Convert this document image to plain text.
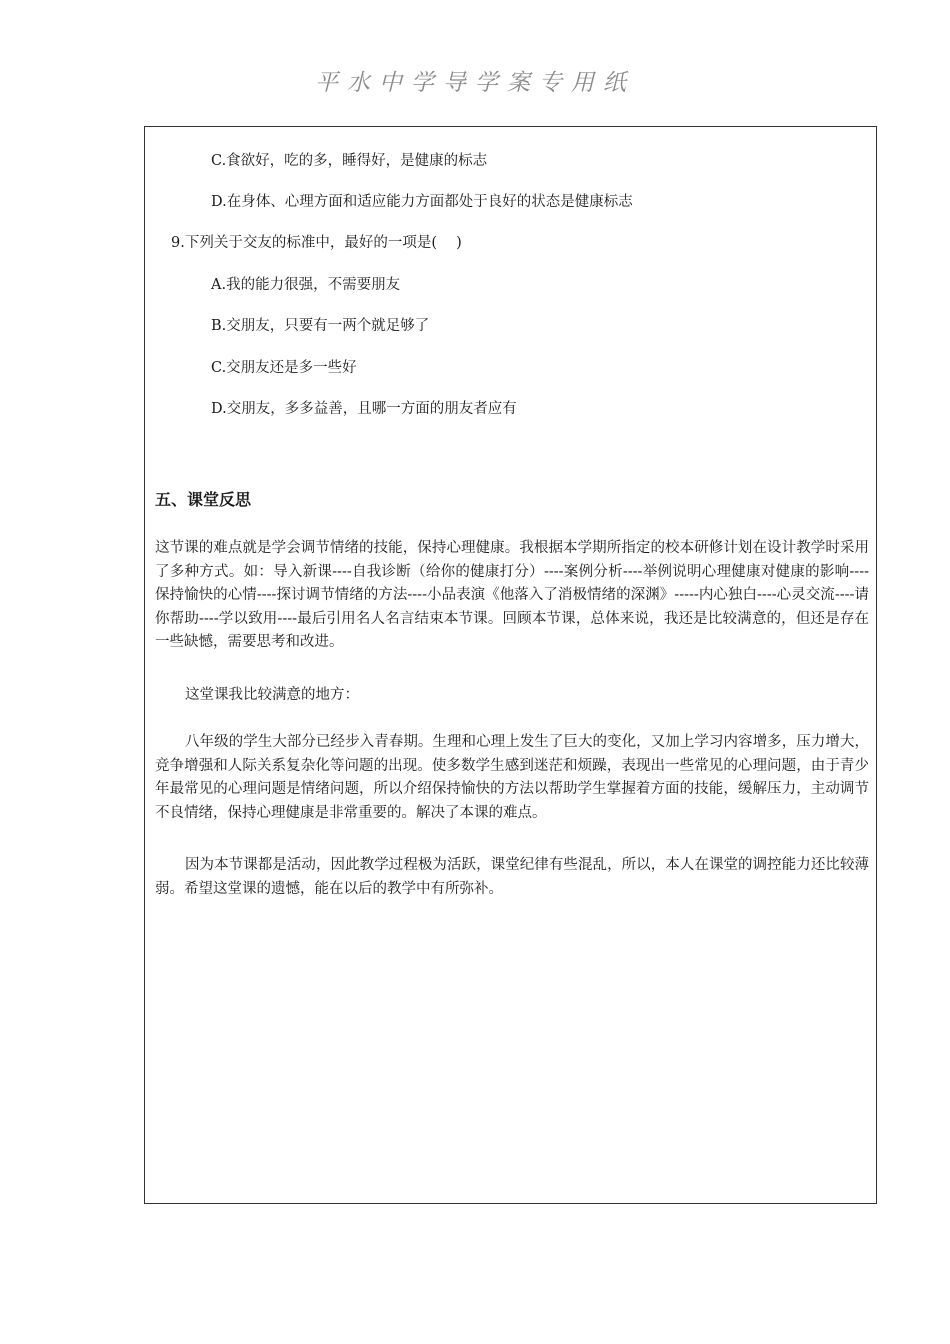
平水中学导学案专用纸
C.食欲好，吃的多，睡得好，是健康的标志
D.在身体、心理方面和适应能力方面都处于良好的状态是健康标志
9.下列关于交友的标准中，最好的一项是(　 )
A.我的能力很强，不需要朋友
B.交朋友，只要有一两个就足够了
C.交朋友还是多一些好
D.交朋友，多多益善，且哪一方面的朋友者应有
五、课堂反思
这节课的难点就是学会调节情绪的技能，保持心理健康。我根据本学期所指定的校本研修计划在设计教学时采用了多种方式。如：导入新课----自我诊断（给你的健康打分）----案例分析----举例说明心理健康对健康的影响----保持愉快的心情----探讨调节情绪的方法----小品表演《他落入了消极情绪的深渊》-----内心独白----心灵交流----请你帮助----学以致用----最后引用名人名言结束本节课。回顾本节课，总体来说，我还是比较满意的，但还是存在一些缺憾，需要思考和改进。
这堂课我比较满意的地方：
八年级的学生大部分已经步入青春期。生理和心理上发生了巨大的变化，又加上学习内容增多，压力增大，竞争增强和人际关系复杂化等问题的出现。使多数学生感到迷茫和烦躁，表现出一些常见的心理问题，由于青少年最常见的心理问题是情绪问题，所以介绍保持愉快的方法以帮助学生掌握着方面的技能，缓解压力，主动调节不良情绪，保持心理健康是非常重要的。解决了本课的难点。
因为本节课都是活动，因此教学过程极为活跃，课堂纪律有些混乱，所以，本人在课堂的调控能力还比较薄弱。希望这堂课的遗憾，能在以后的教学中有所弥补。
